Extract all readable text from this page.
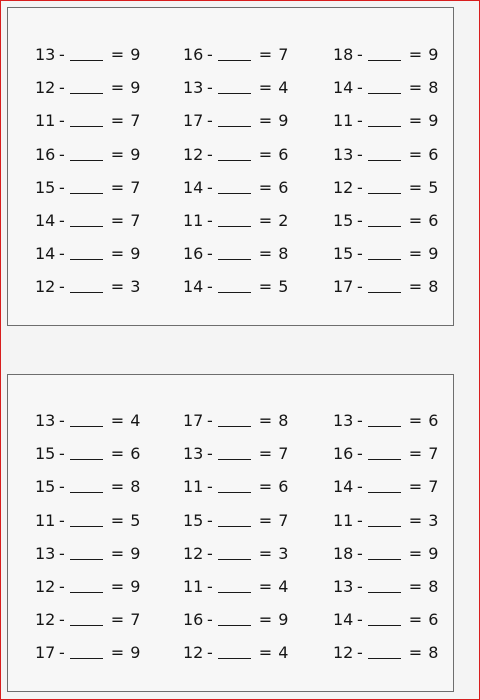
13 -	= 9
12 -	= 9
11 -	= 7
16 -	= 9
15 -	= 7
14 -	= 7
14 -	= 9
12 -	= 3
16 -	= 7
13 -	= 4
17 -	= 9
12 -	= 6
14 -	= 6
11 -	= 2
16 -	= 8
14 -	= 5
18 -	= 9
14 -	= 8
11 -	= 9
13 -	= 6
12 -	= 5
15 -	= 6
15 -	= 9
17 -	= 8
13 -	= 4
15 -	= 6
15 -	= 8
11 -	= 5
13 -	= 9
12 -	= 9
12 -	= 7
17 -	= 9
17 -	= 8
13 -	= 7
11 -	= 6
15 -	= 7
12 -	= 3
11 -	= 4
16 -	= 9
12 -	= 4
13 -	= 6
16 -	= 7
14 -	= 7
11 -	= 3
18 -	= 9
13 -	= 8
14 -	= 6
12 -	= 8
